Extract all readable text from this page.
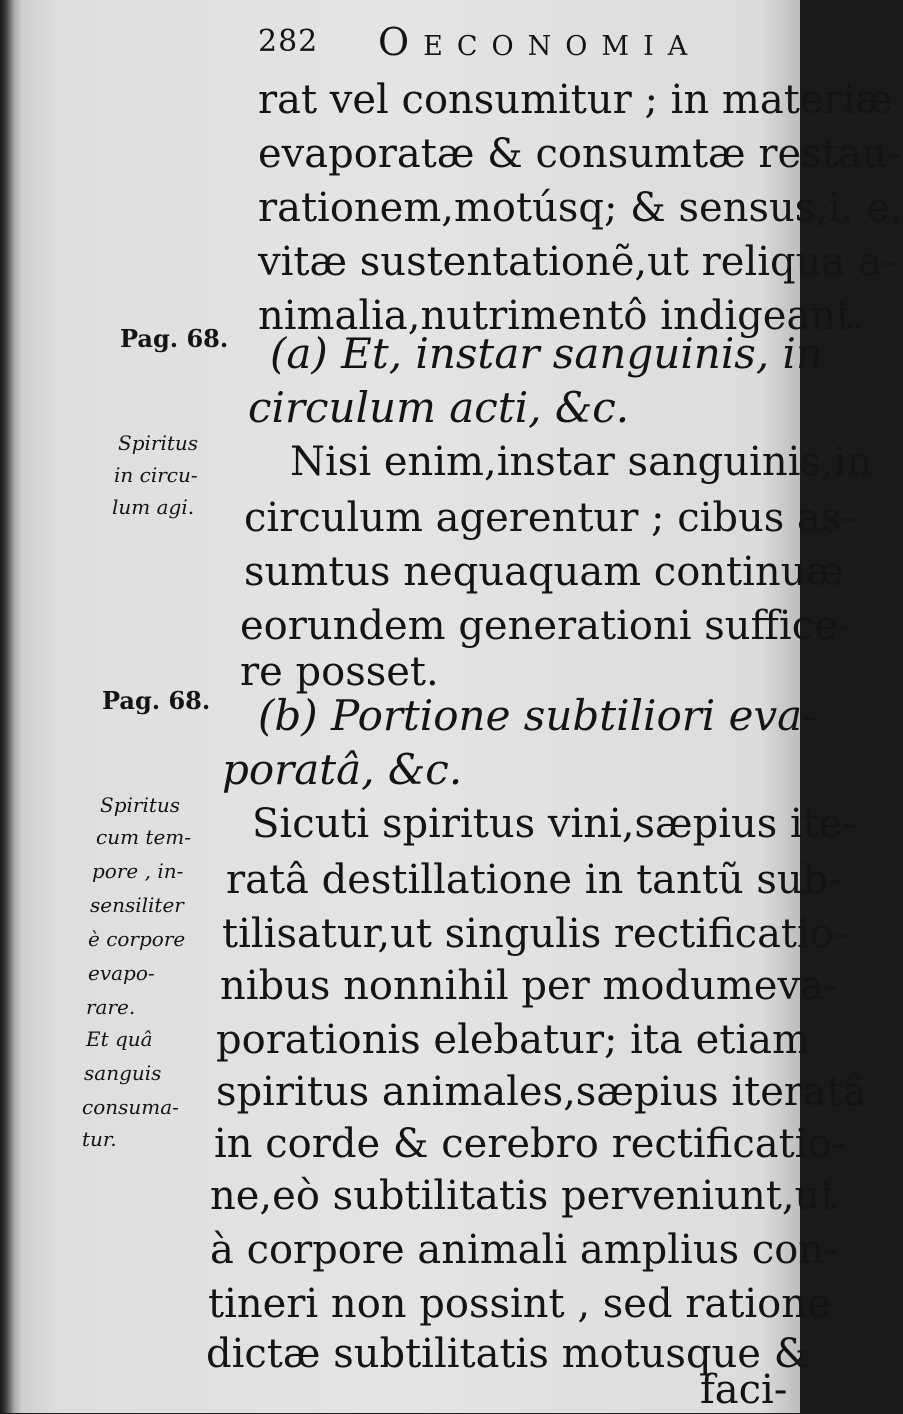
282 Oeconomia
rat vel consumitur ; in materiæ
evaporatæ & consumtæ restau-
rationem,motúsq; & sensus,i. e.
vitæ sustentationẽ,ut reliqua a-
nimalia,nutrimentô indigeant.
(a) Et, instar sanguinis, in
circulum acti, &c.
Nisi enim,instar sanguinis,in
circulum agerentur ; cibus as-
sumtus nequaquam continuæ
eorundem generationi suffice-
re posset.
(b) Portione subtiliori eva-
poratâ, &c.
Sicuti spiritus vini,sæpius ite-
ratâ destillatione in tantũ sub-
tilisatur,ut singulis rectificatio-
nibus nonnihil per modumeva-
porationis elebatur; ita etiam
spiritus animales,sæpius iteratâ
in corde & cerebro rectificatio-
ne,eò subtilitatis perveniunt,ut
à corpore animali amplius con-
tineri non possint , sed ratione
dictæ subtilitatis motusque &
faci-
Pag. 68.
Pag. 68.
Spiritus
in circu-
lum agi.
Spiritus
cum tem-
pore , in-
sensiliter
è corpore
evapo-
rare.
Et quâ
sanguis
consuma-
tur.
